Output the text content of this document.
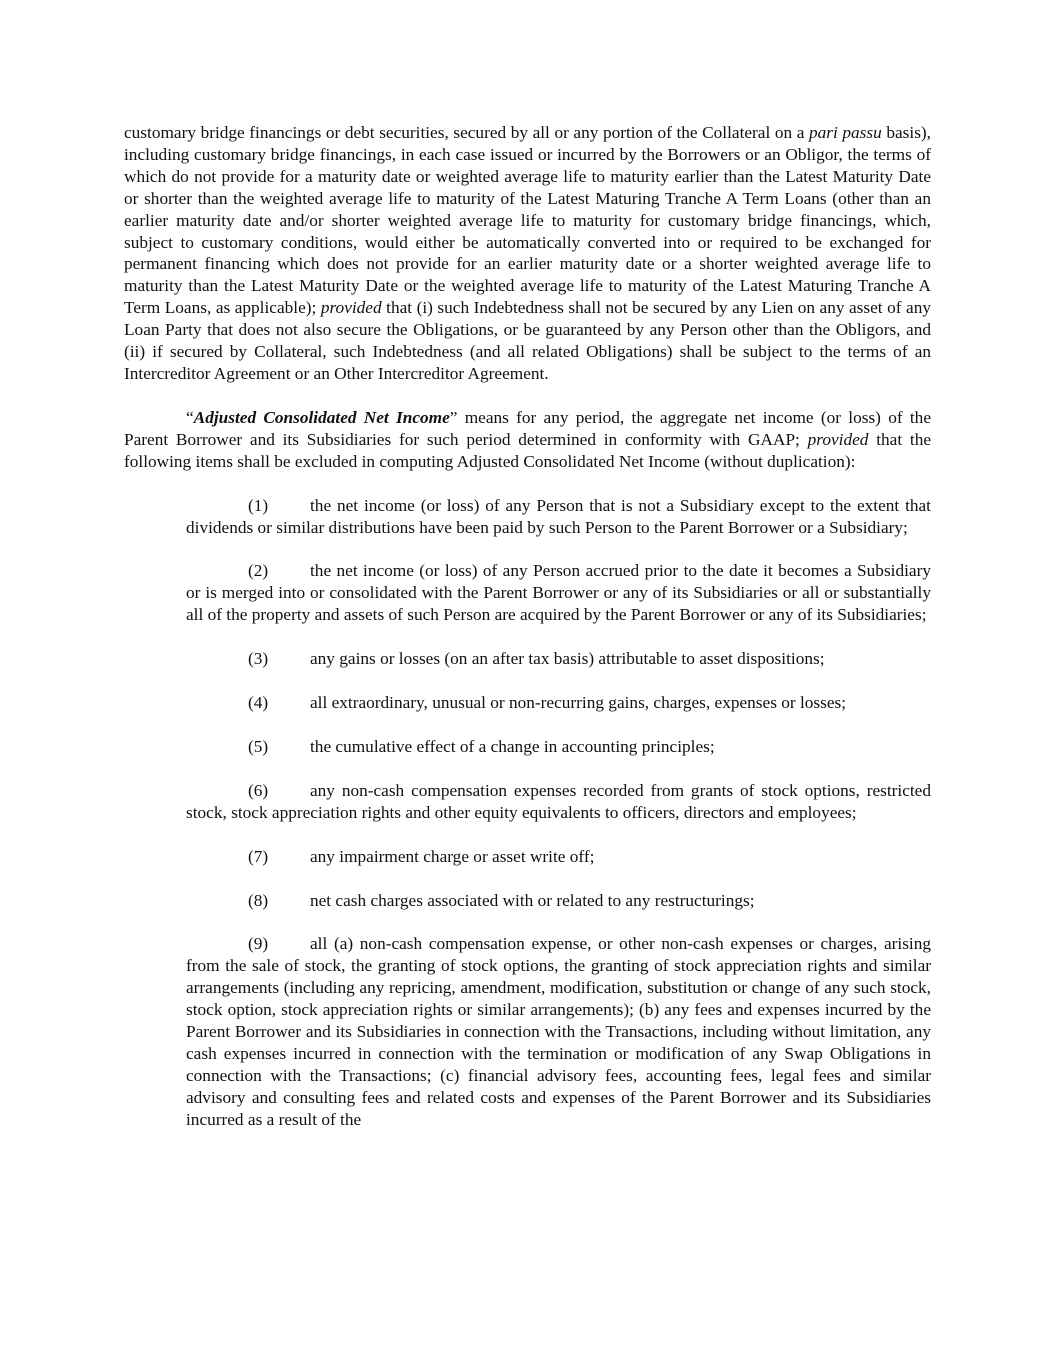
customary bridge financings or debt securities, secured by all or any portion of the Collateral on a pari passu basis), including customary bridge financings, in each case issued or incurred by the Borrowers or an Obligor, the terms of which do not provide for a maturity date or weighted average life to maturity earlier than the Latest Maturity Date or shorter than the weighted average life to maturity of the Latest Maturing Tranche A Term Loans (other than an earlier maturity date and/or shorter weighted average life to maturity for customary bridge financings, which, subject to customary conditions, would either be automatically converted into or required to be exchanged for permanent financing which does not provide for an earlier maturity date or a shorter weighted average life to maturity than the Latest Maturity Date or the weighted average life to maturity of the Latest Maturing Tranche A Term Loans, as applicable); provided that (i) such Indebtedness shall not be secured by any Lien on any asset of any Loan Party that does not also secure the Obligations, or be guaranteed by any Person other than the Obligors, and (ii) if secured by Collateral, such Indebtedness (and all related Obligations) shall be subject to the terms of an Intercreditor Agreement or an Other Intercreditor Agreement.

“Adjusted Consolidated Net Income” means for any period, the aggregate net income (or loss) of the Parent Borrower and its Subsidiaries for such period determined in conformity with GAAP; provided that the following items shall be excluded in computing Adjusted Consolidated Net Income (without duplication):

(1) the net income (or loss) of any Person that is not a Subsidiary except to the extent that dividends or similar distributions have been paid by such Person to the Parent Borrower or a Subsidiary;

(2) the net income (or loss) of any Person accrued prior to the date it becomes a Subsidiary or is merged into or consolidated with the Parent Borrower or any of its Subsidiaries or all or substantially all of the property and assets of such Person are acquired by the Parent Borrower or any of its Subsidiaries;

(3) any gains or losses (on an after tax basis) attributable to asset dispositions;

(4) all extraordinary, unusual or non-recurring gains, charges, expenses or losses;

(5) the cumulative effect of a change in accounting principles;

(6) any non-cash compensation expenses recorded from grants of stock options, restricted stock, stock appreciation rights and other equity equivalents to officers, directors and employees;

(7) any impairment charge or asset write off;

(8) net cash charges associated with or related to any restructurings;

(9) all (a) non-cash compensation expense, or other non-cash expenses or charges, arising from the sale of stock, the granting of stock options, the granting of stock appreciation rights and similar arrangements (including any repricing, amendment, modification, substitution or change of any such stock, stock option, stock appreciation rights or similar arrangements); (b) any fees and expenses incurred by the Parent Borrower and its Subsidiaries in connection with the Transactions, including without limitation, any cash expenses incurred in connection with the termination or modification of any Swap Obligations in connection with the Transactions; (c) financial advisory fees, accounting fees, legal fees and similar advisory and consulting fees and related costs and expenses of the Parent Borrower and its Subsidiaries incurred as a result of the
